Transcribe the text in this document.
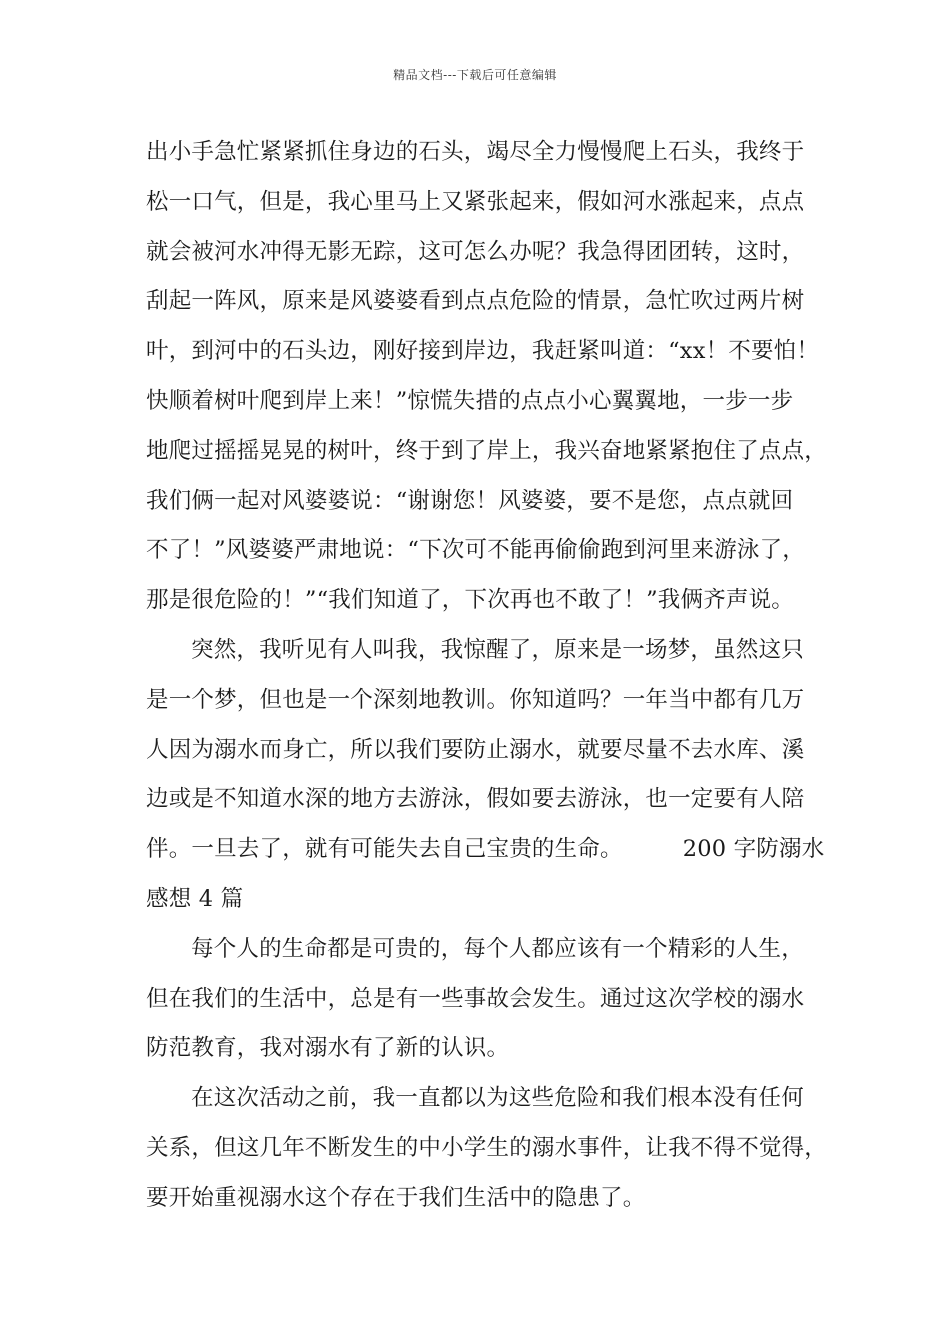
精品文档---下载后可任意编辑
出小手急忙紧紧抓住身边的石头，竭尽全力慢慢爬上石头，我终于
松一口气，但是，我心里马上又紧张起来，假如河水涨起来，点点
就会被河水冲得无影无踪，这可怎么办呢？我急得团团转，这时，
刮起一阵风，原来是风婆婆看到点点危险的情景，急忙吹过两片树
叶，到河中的石头边，刚好接到岸边，我赶紧叫道：“xx！不要怕！
快顺着树叶爬到岸上来！”惊慌失措的点点小心翼翼地，一步一步
地爬过摇摇晃晃的树叶，终于到了岸上，我兴奋地紧紧抱住了点点，
我们俩一起对风婆婆说：“谢谢您！风婆婆，要不是您，点点就回
不了！”风婆婆严肃地说：“下次可不能再偷偷跑到河里来游泳了，
那是很危险的！”“我们知道了，下次再也不敢了！”我俩齐声说。
突然，我听见有人叫我，我惊醒了，原来是一场梦，虽然这只
是一个梦，但也是一个深刻地教训。你知道吗？一年当中都有几万
人因为溺水而身亡，所以我们要防止溺水，就要尽量不去水库、溪
边或是不知道水深的地方去游泳，假如要去游泳，也一定要有人陪
伴。一旦去了，就有可能失去自己宝贵的生命。	200 字防溺水
感想 4 篇
每个人的生命都是可贵的，每个人都应该有一个精彩的人生，
但在我们的生活中，总是有一些事故会发生。通过这次学校的溺水
防范教育，我对溺水有了新的认识。
在这次活动之前，我一直都以为这些危险和我们根本没有任何
关系，但这几年不断发生的中小学生的溺水事件，让我不得不觉得，
要开始重视溺水这个存在于我们生活中的隐患了。
